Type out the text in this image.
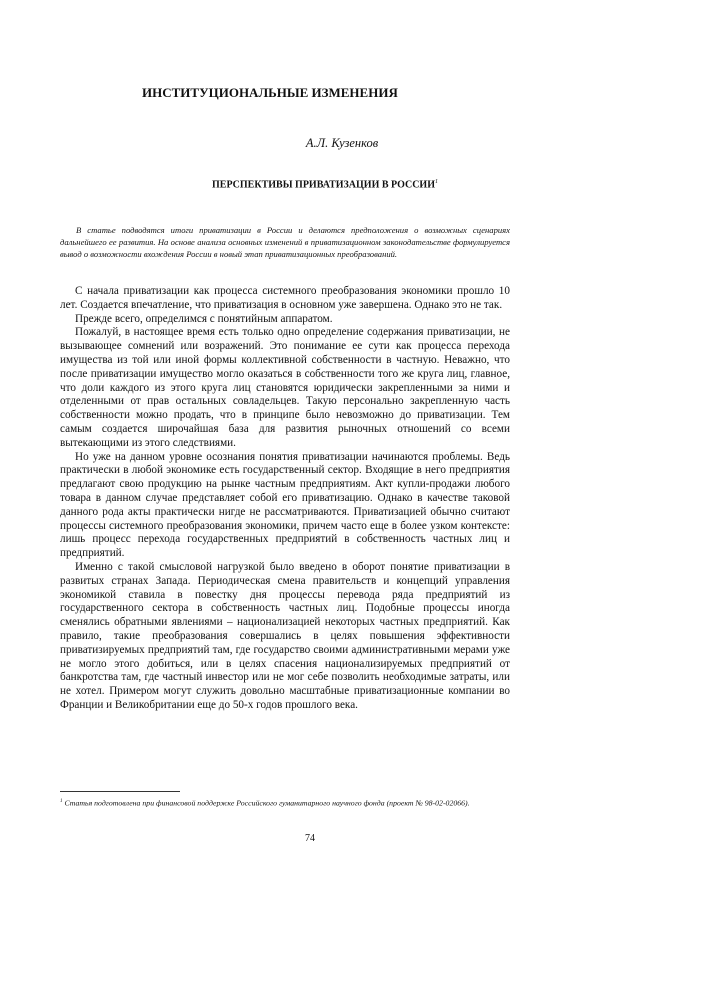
ИНСТИТУЦИОНАЛЬНЫЕ ИЗМЕНЕНИЯ
А.Л. Кузенков
ПЕРСПЕКТИВЫ ПРИВАТИЗАЦИИ В РОССИИ$^1$

В статье подводятся итоги приватизации в России и делаются предположения о возможных сценариях дальнейшего ее развития. На основе анализа основных изменений в приватизационном законодательстве формулируется вывод о возможности вхождения России в новый этап приватизационных преобразований.

С начала приватизации как процесса системного преобразования экономики прошло 10 лет. Создается впечатление, что приватизация в основном уже завершена. Однако это не так.

Прежде всего, определимся с понятийным аппаратом.

Пожалуй, в настоящее время есть только одно определение содержания приватизации, не вызывающее сомнений или возражений. Это понимание ее сути как процесса перехода имущества из той или иной формы коллективной собственности в частную. Неважно, что после приватизации имущество могло оказаться в собственности того же круга лиц, главное, что доли каждого из этого круга лиц становятся юридически закрепленными за ними и отделенными от прав остальных совладельцев. Такую персонально закрепленную часть собственности можно продать, что в принципе было невозможно до приватизации. Тем самым создается широчайшая база для развития рыночных отношений со всеми вытекающими из этого следствиями.

Но уже на данном уровне осознания понятия приватизации начинаются проблемы. Ведь практически в любой экономике есть государственный сектор. Входящие в него предприятия предлагают свою продукцию на рынке частным предприятиям. Акт купли-продажи любого товара в данном случае представляет собой его приватизацию. Однако в качестве таковой данного рода акты практически нигде не рассматриваются. Приватизацией обычно считают процессы системного преобразования экономики, причем часто еще в более узком контексте: лишь процесс перехода государственных предприятий в собственность частных лиц и предприятий.

Именно с такой смысловой нагрузкой было введено в оборот понятие приватизации в развитых странах Запада. Периодическая смена правительств и концепций управления экономикой ставила в повестку дня процессы перевода ряда предприятий из государственного сектора в собственность частных лиц. Подобные процессы иногда сменялись обратными явлениями – национализацией некоторых частных предприятий. Как правило, такие преобразования совершались в целях повышения эффективности приватизируемых предприятий там, где государство своими административными мерами уже не могло этого добиться, или в целях спасения национализируемых предприятий от банкротства там, где частный инвестор или не мог себе позволить необходимые затраты, или не хотел. Примером могут служить довольно масштабные приватизационные компании во Франции и Великобритании еще до 50-х годов прошлого века.

$^1$ Статья подготовлена при финансовой поддержке Российского гуманитарного научного фонда (проект № 98-02-02066).

74
